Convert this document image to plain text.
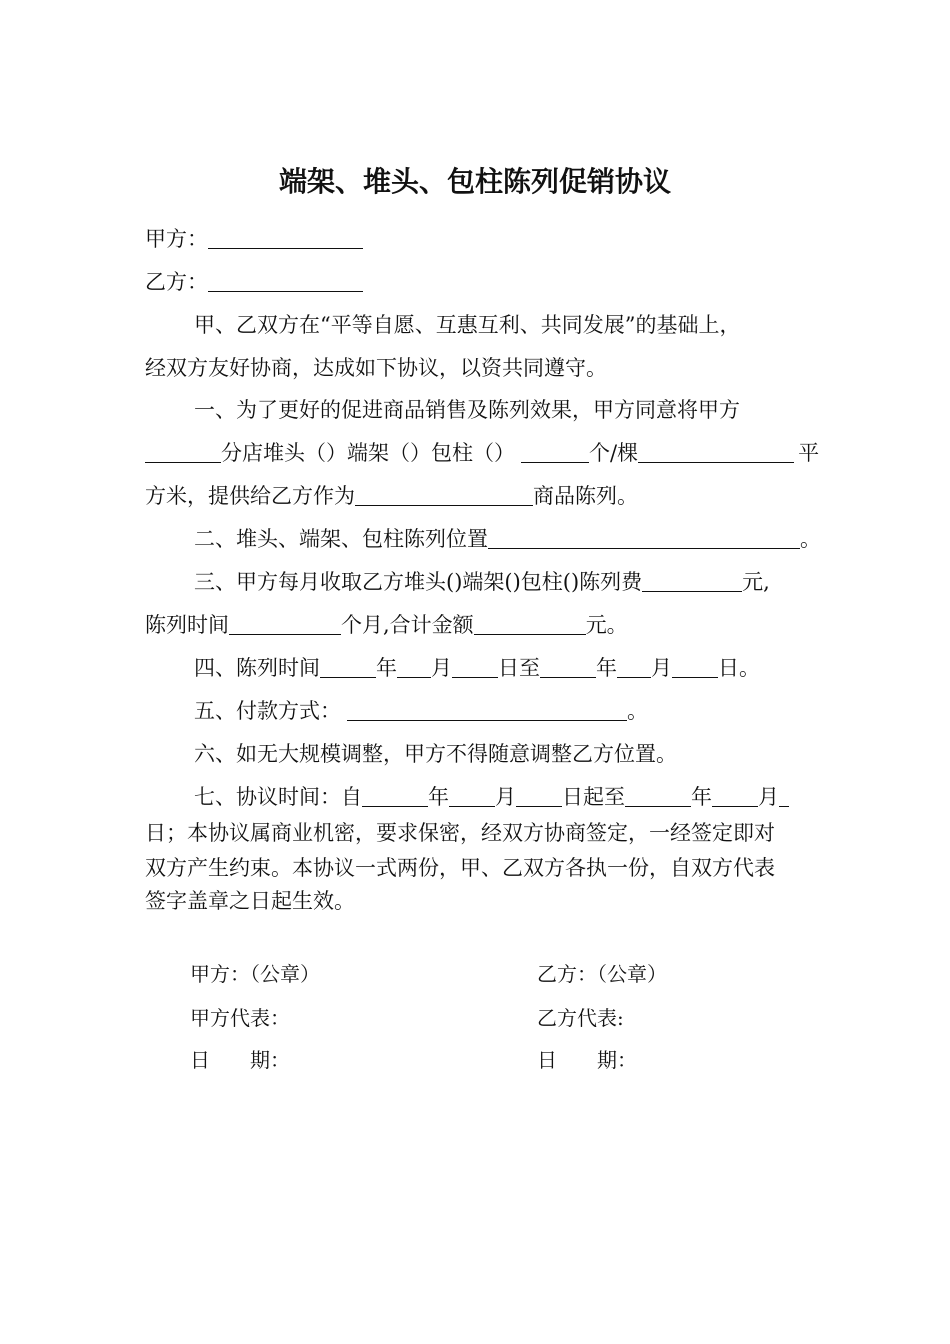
端架、堆头、包柱陈列促销协议
甲方：
乙方：
甲、乙双方在“平等自愿、互惠互利、共同发展”的基础上，
经双方友好协商，达成如下协议，以资共同遵守。
一、为了更好的促进商品销售及陈列效果，甲方同意将甲方
分店堆头（）端架（）包柱（）	个/棵	平
方米，提供给乙方作为	商品陈列。
二、堆头、端架、包柱陈列位置	。
三、甲方每月收取乙方堆头()端架()包柱()陈列费	元,
陈列时间	个月,合计金额	元。
四、陈列时间	年 月 日至	年 月 日。
五、付款方式：	。
六、如无大规模调整，甲方不得随意调整乙方位置。
七、协议时间：自	年 月 日起至	年 月
日；本协议属商业机密，要求保密，经双方协商签定，一经签定即对
双方产生约束。本协议一式两份，甲、乙双方各执一份，自双方代表
签字盖章之日起生效。
甲方：（公章）	乙方：（公章）
甲方代表：	乙方代表:
日　　期：	日　　期：
